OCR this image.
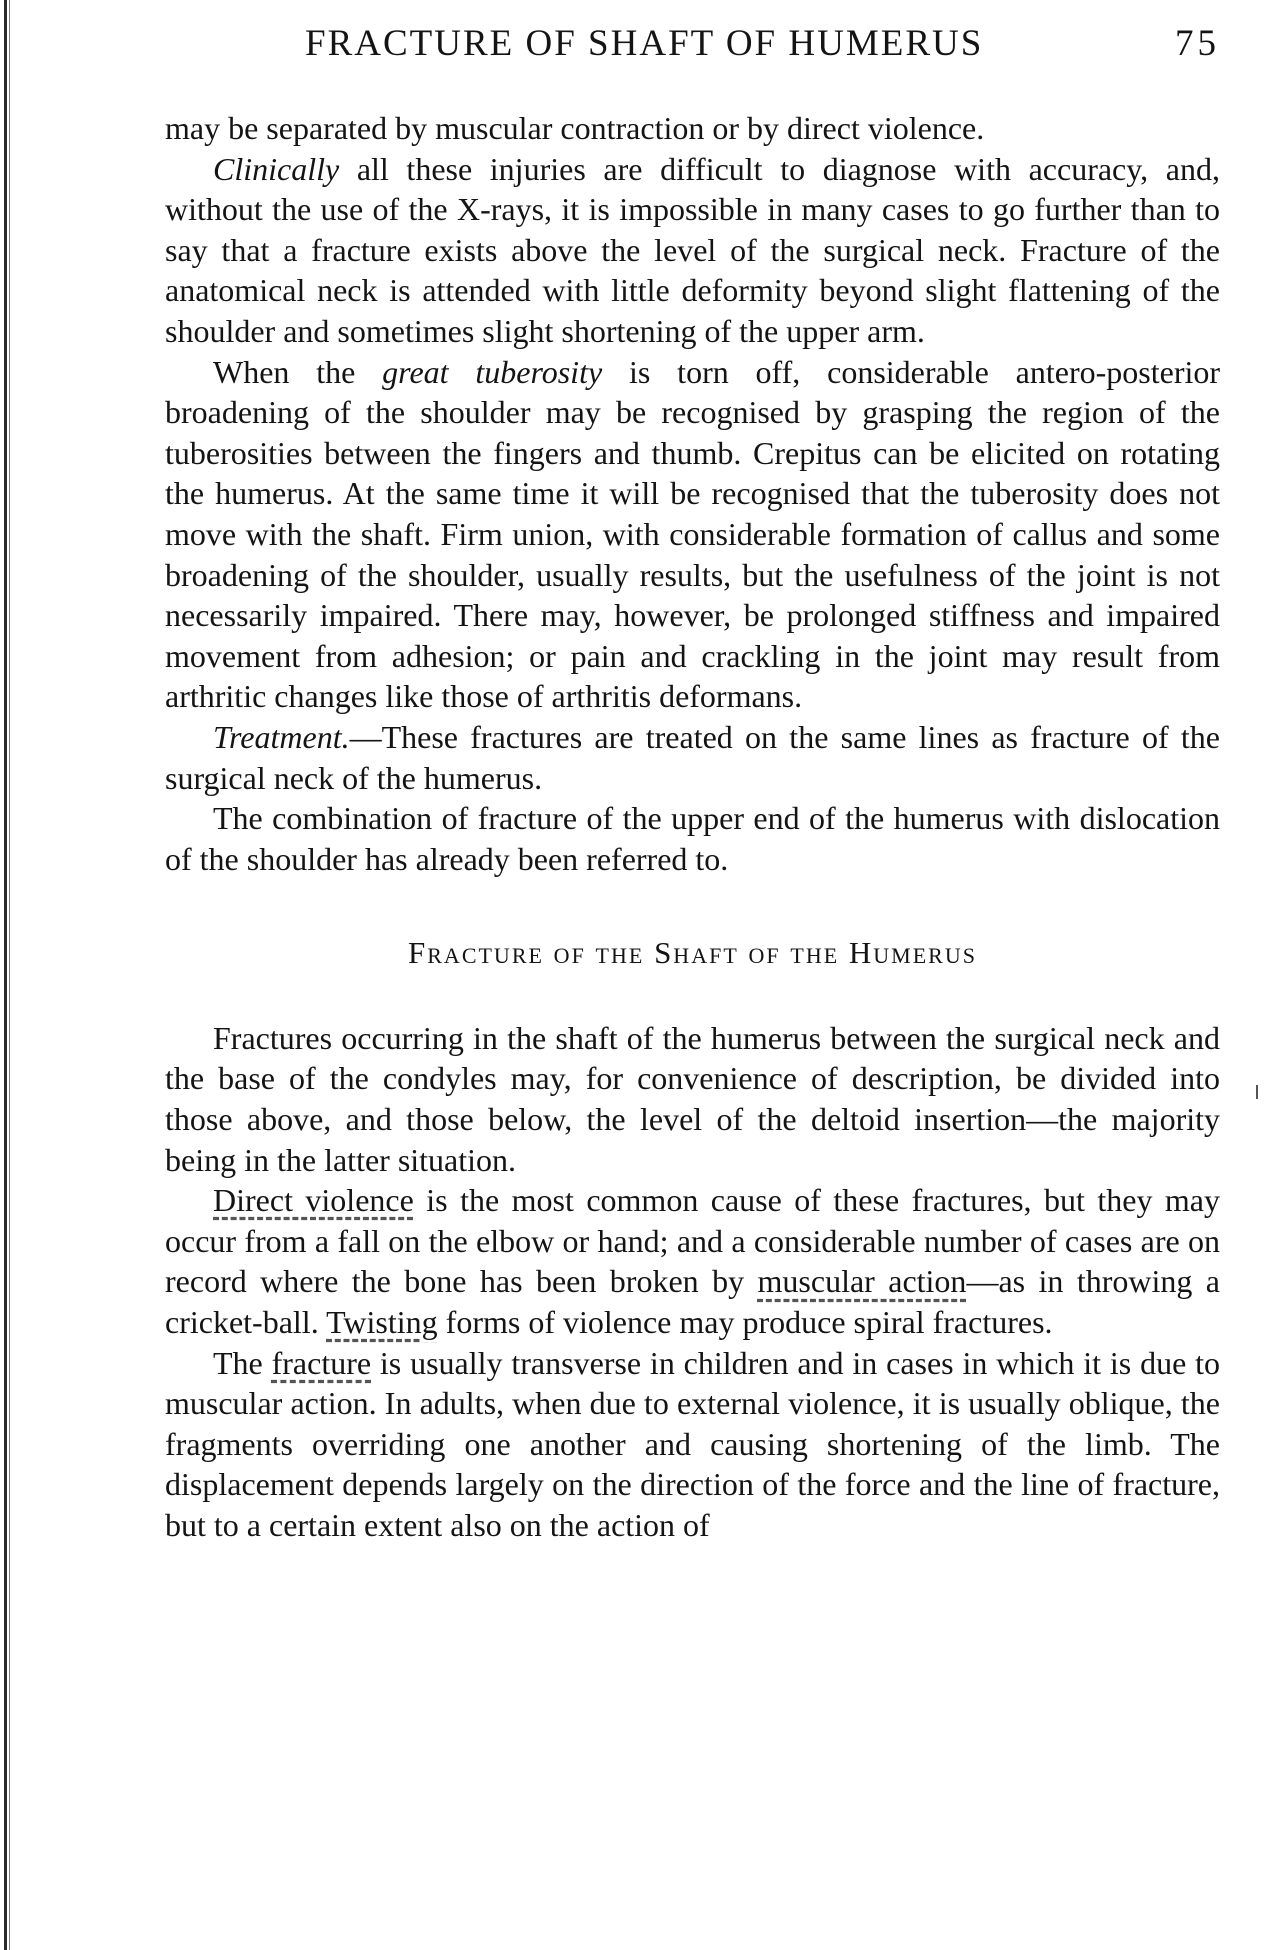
FRACTURE OF SHAFT OF HUMERUS	75

may be separated by muscular contraction or by direct violence.

Clinically all these injuries are difficult to diagnose with accuracy, and, without the use of the X-rays, it is impossible in many cases to go further than to say that a fracture exists above the level of the surgical neck. Fracture of the anatomical neck is attended with little deformity beyond slight flattening of the shoulder and sometimes slight shortening of the upper arm.

When the great tuberosity is torn off, considerable antero-posterior broadening of the shoulder may be recognised by grasping the region of the tuberosities between the fingers and thumb. Crepitus can be elicited on rotating the humerus. At the same time it will be recognised that the tuberosity does not move with the shaft. Firm union, with considerable formation of callus and some broadening of the shoulder, usually results, but the usefulness of the joint is not necessarily impaired. There may, however, be prolonged stiffness and impaired movement from adhesion; or pain and crackling in the joint may result from arthritic changes like those of arthritis deformans.

Treatment.—These fractures are treated on the same lines as fracture of the surgical neck of the humerus.

The combination of fracture of the upper end of the humerus with dislocation of the shoulder has already been referred to.

Fracture of the Shaft of the Humerus

Fractures occurring in the shaft of the humerus between the surgical neck and the base of the condyles may, for convenience of description, be divided into those above, and those below, the level of the deltoid insertion—the majority being in the latter situation.

Direct violence is the most common cause of these fractures, but they may occur from a fall on the elbow or hand; and a considerable number of cases are on record where the bone has been broken by muscular action—as in throwing a cricket-ball. Twisting forms of violence may produce spiral fractures.

The fracture is usually transverse in children and in cases in which it is due to muscular action. In adults, when due to external violence, it is usually oblique, the fragments overriding one another and causing shortening of the limb. The displacement depends largely on the direction of the force and the line of fracture, but to a certain extent also on the action of
